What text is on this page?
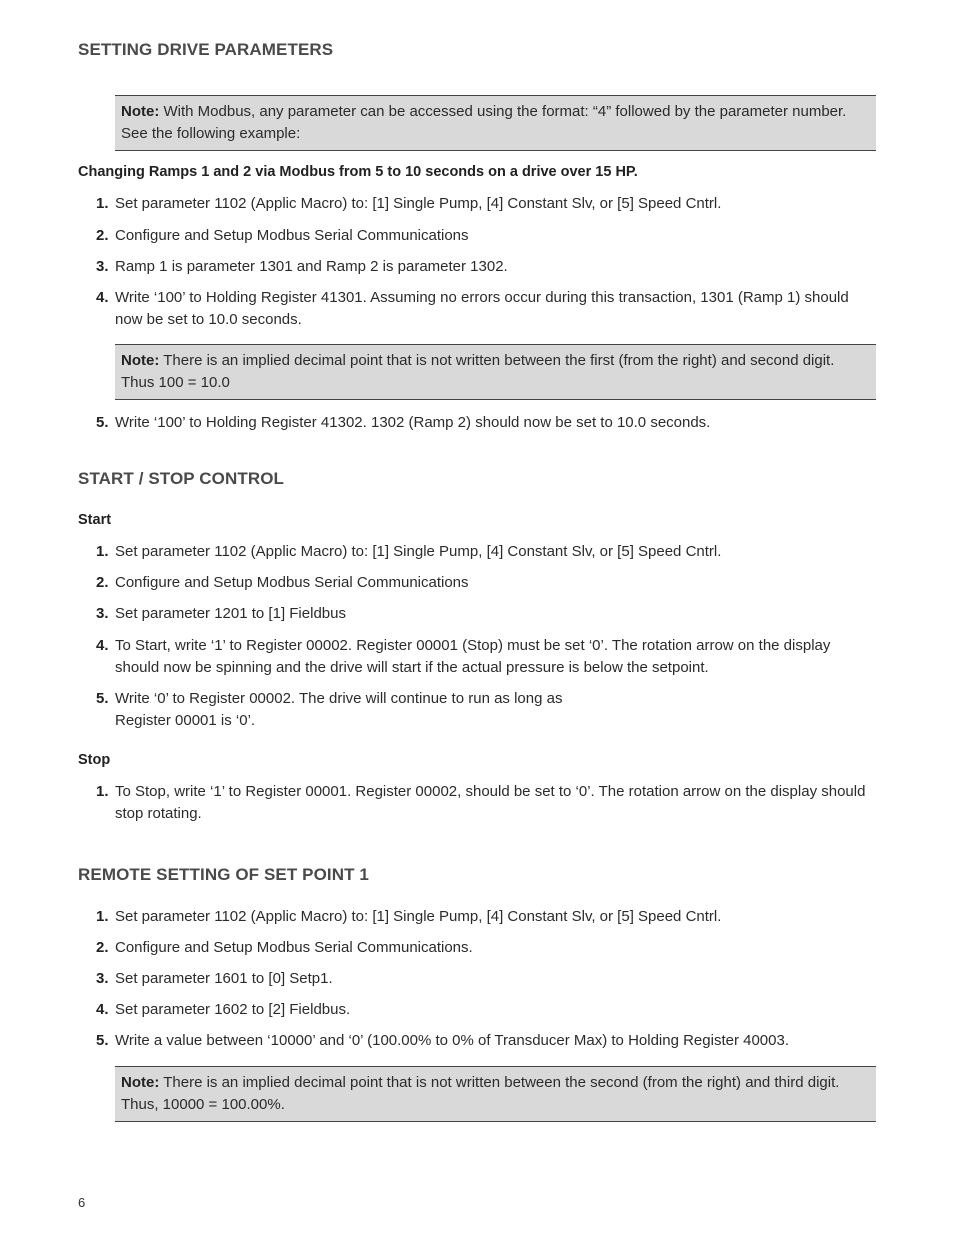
SETTING DRIVE PARAMETERS
Note: With Modbus, any parameter can be accessed using the format: “4” followed by the parameter number. See the following example:
Changing Ramps 1 and 2 via Modbus from 5 to 10 seconds on a drive over 15 HP.
1. Set parameter 1102 (Applic Macro) to: [1] Single Pump, [4] Constant Slv, or [5] Speed Cntrl.
2. Configure and Setup Modbus Serial Communications
3. Ramp 1 is parameter 1301 and Ramp 2 is parameter 1302.
4. Write ‘100’ to Holding Register 41301. Assuming no errors occur during this transaction, 1301 (Ramp 1) should now be set to 10.0 seconds.
Note: There is an implied decimal point that is not written between the first (from the right) and second digit. Thus 100 = 10.0
5. Write ‘100’ to Holding Register 41302. 1302 (Ramp 2) should now be set to 10.0 seconds.
START / STOP CONTROL
Start
1. Set parameter 1102 (Applic Macro) to: [1] Single Pump, [4] Constant Slv, or [5] Speed Cntrl.
2. Configure and Setup Modbus Serial Communications
3. Set parameter 1201 to [1] Fieldbus
4. To Start, write ‘1’ to Register 00002. Register 00001 (Stop) must be set ‘0’. The rotation arrow on the display should now be spinning and the drive will start if the actual pressure is below the setpoint.
5. Write ‘0’ to Register 00002. The drive will continue to run as long as
Register 00001 is ‘0’.
Stop
1. To Stop, write ‘1’ to Register 00001. Register 00002, should be set to ‘0’. The rotation arrow on the display should stop rotating.
REMOTE SETTING OF SET POINT 1
1. Set parameter 1102 (Applic Macro) to: [1] Single Pump, [4] Constant Slv, or [5] Speed Cntrl.
2. Configure and Setup Modbus Serial Communications.
3. Set parameter 1601 to [0] Setp1.
4. Set parameter 1602 to [2] Fieldbus.
5. Write a value between ‘10000’ and ‘0’ (100.00% to 0% of Transducer Max) to Holding Register 40003.
Note: There is an implied decimal point that is not written between the second (from the right) and third digit. Thus, 10000 = 100.00%.
6
